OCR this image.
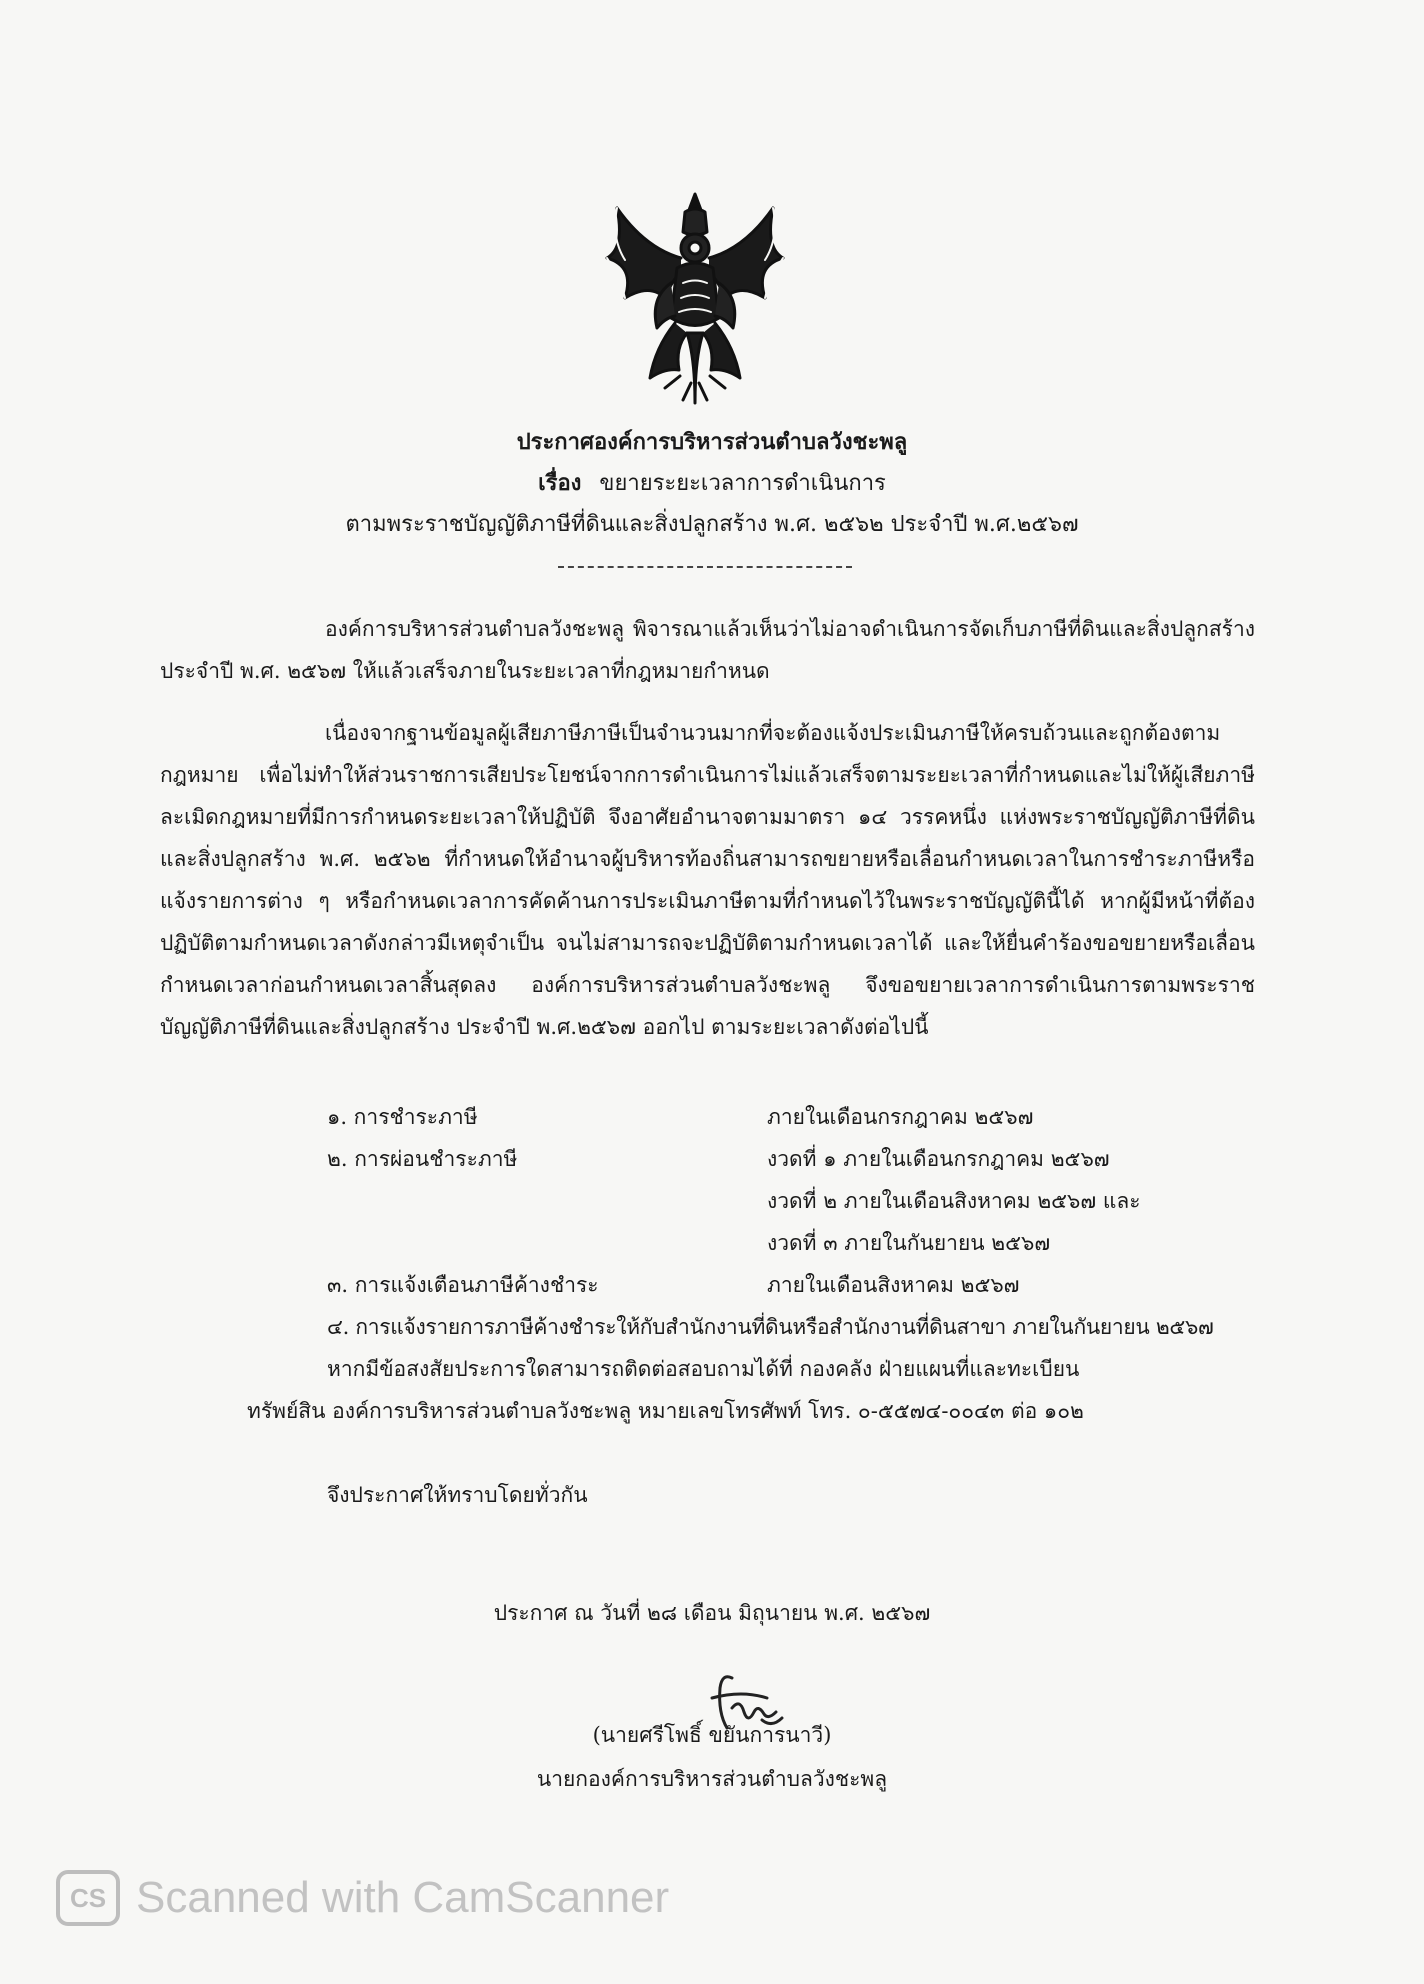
ประกาศองค์การบริหารส่วนตำบลวังชะพลู
เรื่อง ขยายระยะเวลาการดำเนินการ
ตามพระราชบัญญัติภาษีที่ดินและสิ่งปลูกสร้าง พ.ศ. ๒๕๖๒ ประจำปี พ.ศ.๒๕๖๗

องค์การบริหารส่วนตำบลวังชะพลู พิจารณาแล้วเห็นว่าไม่อาจดำเนินการจัดเก็บภาษีที่ดินและสิ่งปลูกสร้างประจำปี พ.ศ. ๒๕๖๗ ให้แล้วเสร็จภายในระยะเวลาที่กฎหมายกำหนด

เนื่องจากฐานข้อมูลผู้เสียภาษีภาษีเป็นจำนวนมากที่จะต้องแจ้งประเมินภาษีให้ครบถ้วนและถูกต้องตามกฎหมาย เพื่อไม่ทำให้ส่วนราชการเสียประโยชน์จากการดำเนินการไม่แล้วเสร็จตามระยะเวลาที่กำหนดและไม่ให้ผู้เสียภาษีละเมิดกฎหมายที่มีการกำหนดระยะเวลาให้ปฏิบัติ จึงอาศัยอำนาจตามมาตรา ๑๔ วรรคหนึ่ง แห่งพระราชบัญญัติภาษีที่ดินและสิ่งปลูกสร้าง พ.ศ. ๒๕๖๒ ที่กำหนดให้อำนาจผู้บริหารท้องถิ่นสามารถขยายหรือเลื่อนกำหนดเวลาในการชำระภาษีหรือแจ้งรายการต่าง ๆ หรือกำหนดเวลาการคัดค้านการประเมินภาษีตามที่กำหนดไว้ในพระราชบัญญัตินี้ได้ หากผู้มีหน้าที่ต้องปฏิบัติตามกำหนดเวลาดังกล่าวมีเหตุจำเป็น จนไม่สามารถจะปฏิบัติตามกำหนดเวลาได้ และให้ยื่นคำร้องขอขยายหรือเลื่อนกำหนดเวลาก่อนกำหนดเวลาสิ้นสุดลง องค์การบริหารส่วนตำบลวังชะพลู จึงขอขยายเวลาการดำเนินการตามพระราชบัญญัติภาษีที่ดินและสิ่งปลูกสร้าง ประจำปี พ.ศ.๒๕๖๗ ออกไป ตามระยะเวลาดังต่อไปนี้

๑. การชำระภาษี	ภายในเดือนกรกฎาคม ๒๕๖๗
๒. การผ่อนชำระภาษี	งวดที่ ๑ ภายในเดือนกรกฎาคม ๒๕๖๗
งวดที่ ๒ ภายในเดือนสิงหาคม ๒๕๖๗ และ
งวดที่ ๓ ภายในกันยายน ๒๕๖๗
๓. การแจ้งเตือนภาษีค้างชำระ	ภายในเดือนสิงหาคม ๒๕๖๗
๔. การแจ้งรายการภาษีค้างชำระให้กับสำนักงานที่ดินหรือสำนักงานที่ดินสาขา ภายในกันยายน ๒๕๖๗
หากมีข้อสงสัยประการใดสามารถติดต่อสอบถามได้ที่ กองคลัง ฝ่ายแผนที่และทะเบียน
ทรัพย์สิน องค์การบริหารส่วนตำบลวังชะพลู หมายเลขโทรศัพท์ โทร. ๐-๕๕๗๔-๐๐๔๓ ต่อ ๑๐๒
จึงประกาศให้ทราบโดยทั่วกัน
ประกาศ ณ วันที่ ๒๘ เดือน มิถุนายน พ.ศ. ๒๕๖๗
(นายศรีโพธิ์ ขยันการนาวี)
นายกองค์การบริหารส่วนตำบลวังชะพลู
CS Scanned with CamScanner
